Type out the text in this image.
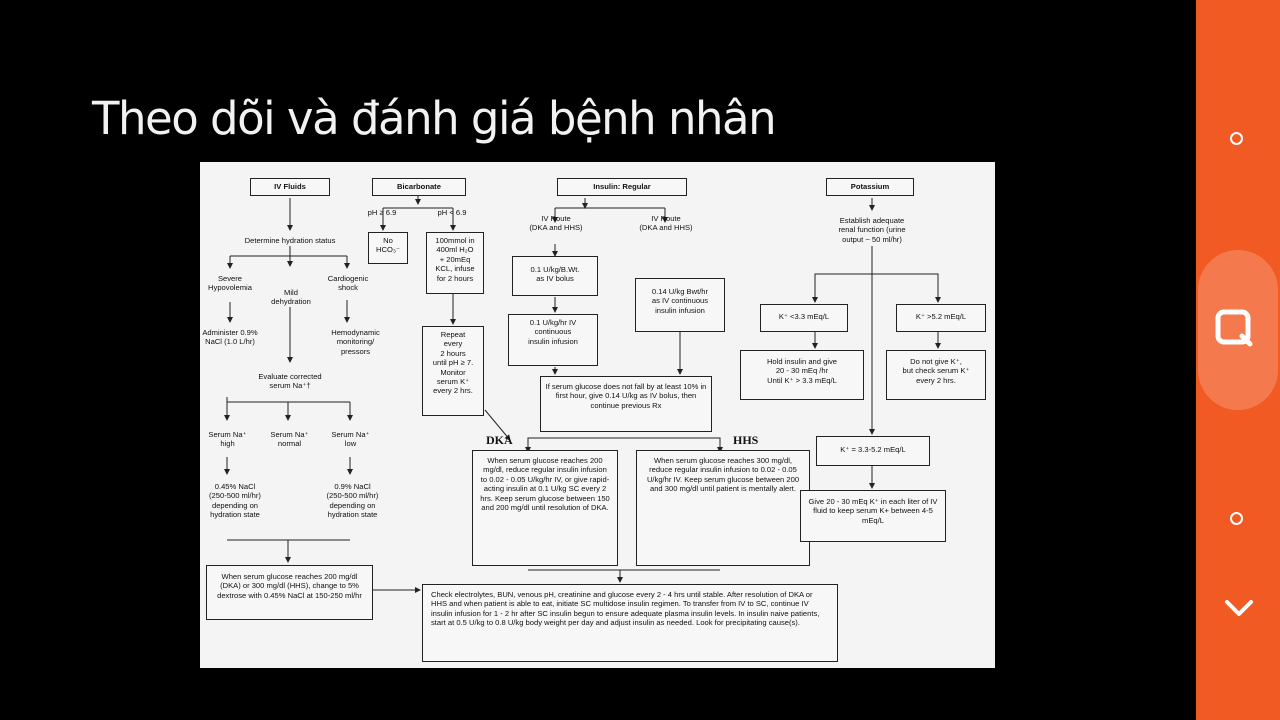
Theo dõi và đánh giá bệnh nhân
IV Fluids	Bicarbonate	Insulin: Regular	Potassium
Determine hydration status
Severe
Hypovolemia
Mild
dehydration
Cardiogenic
shock
Administer 0.9%
NaCl (1.0 L/hr)
Hemodynamic
monitoring/
pressors
Evaluate corrected
serum Na⁺†
Serum Na⁺
high
Serum Na⁺
normal
Serum Na⁺
low
0.45% NaCl
(250-500 ml/hr)
depending on
hydration state
0.9% NaCl
(250-500 ml/hr)
depending on
hydration state
When serum glucose reaches 200 mg/dl (DKA) or 300 mg/dl (HHS), change to 5% dextrose with 0.45% NaCl at 150-250 ml/hr
pH ≥ 6.9	pH < 6.9
No
HCO₃⁻
100mmol in
400ml H₂O
+ 20mEq
KCL, infuse
for 2 hours
Repeat
every
2 hours
until pH ≥ 7.
Monitor
serum K⁺
every 2 hrs.
IV Route
(DKA and HHS)
IV Route
(DKA and HHS)
0.1 U/kg/B.Wt.
as IV bolus
0.1 U/kg/hr IV
continuous
insulin infusion
0.14 U/kg Bwt/hr
as IV continuous
insulin infusion
If serum glucose does not fall by at least 10% in first hour, give 0.14 U/kg as IV bolus, then continue previous Rx
DKA	HHS
When serum glucose reaches 200 mg/dl, reduce regular insulin infusion to 0.02 - 0.05 U/kg/hr IV, or give rapid-acting insulin at 0.1 U/kg SC every 2 hrs. Keep serum glucose between 150 and 200 mg/dl until resolution of DKA.
When serum glucose reaches 300 mg/dl, reduce regular insulin infusion to 0.02 - 0.05 U/kg/hr IV. Keep serum glucose between 200 and 300 mg/dl until patient is mentally alert.
Establish adequate
renal function (urine
output ~ 50 ml/hr)
K⁺ <3.3 mEq/L	K⁺ >5.2 mEq/L
Hold insulin and give
20 - 30 mEq /hr
Until K⁺ > 3.3 mEq/L
Do not give K⁺,
but check serum K⁺
every 2 hrs.
K⁺ = 3.3-5.2 mEq/L
Give 20 - 30 mEq K⁺ in each liter of IV fluid to keep serum K+ between 4-5 mEq/L
Check electrolytes, BUN, venous pH, creatinine and glucose every 2 - 4 hrs until stable. After resolution of DKA or HHS and when patient is able to eat, initiate SC multidose insulin regimen. To transfer from IV to SC, continue IV insulin infusion for 1 - 2 hr after SC insulin begun to ensure adequate plasma insulin levels. In insulin naive patients, start at 0.5 U/kg to 0.8 U/kg body weight per day and adjust insulin as needed. Look for precipitating cause(s).
